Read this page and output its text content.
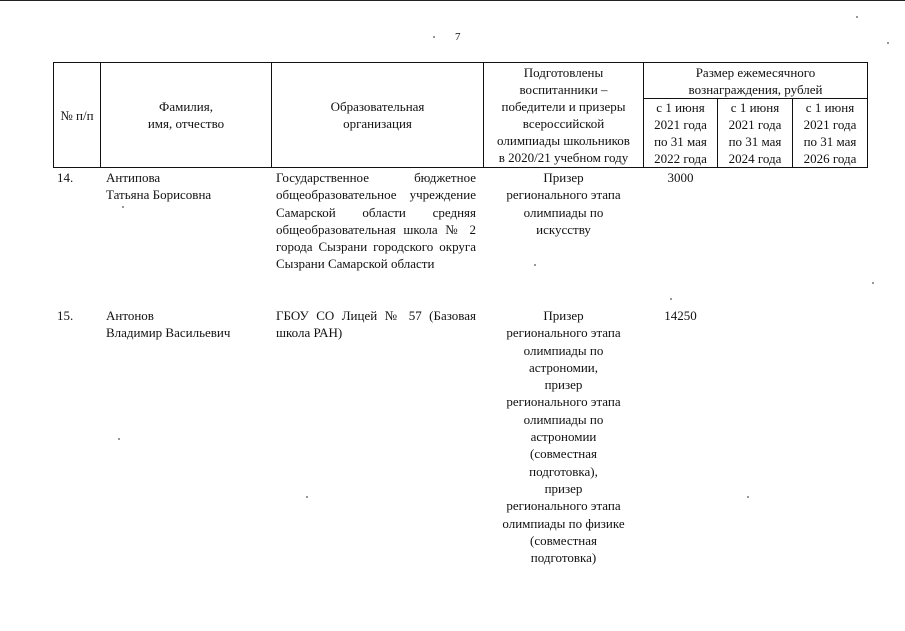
7
№ п/п
Фамилия,
имя, отчество
Образовательная
организация
Подготовлены
воспитанники –
победители и призеры
всероссийской
олимпиады школьников
в 2020/21 учебном году
Размер ежемесячного
вознаграждения, рублей
с 1 июня
2021 года
по 31 мая
2022 года
с 1 июня
2021 года
по 31 мая
2024 года
с 1 июня
2021 года
по 31 мая
2026 года
14.	Антипова
Татьяна Борисовна
Государственное бюджетное общеобразовательное учреждение Самарской области средняя общеобразовательная школа № 2 города Сызрани городского округа Сызрани Самарской области
Призер
регионального этапа
олимпиады по
искусству
3000
15.	Антонов
Владимир Васильевич
ГБОУ СО Лицей № 57 (Базовая школа РАН)
Призер
регионального этапа
олимпиады по
астрономии,
призер
регионального этапа
олимпиады по
астрономии
(совместная
подготовка),
призер
регионального этапа
олимпиады по физике
(совместная
подготовка)
14250
